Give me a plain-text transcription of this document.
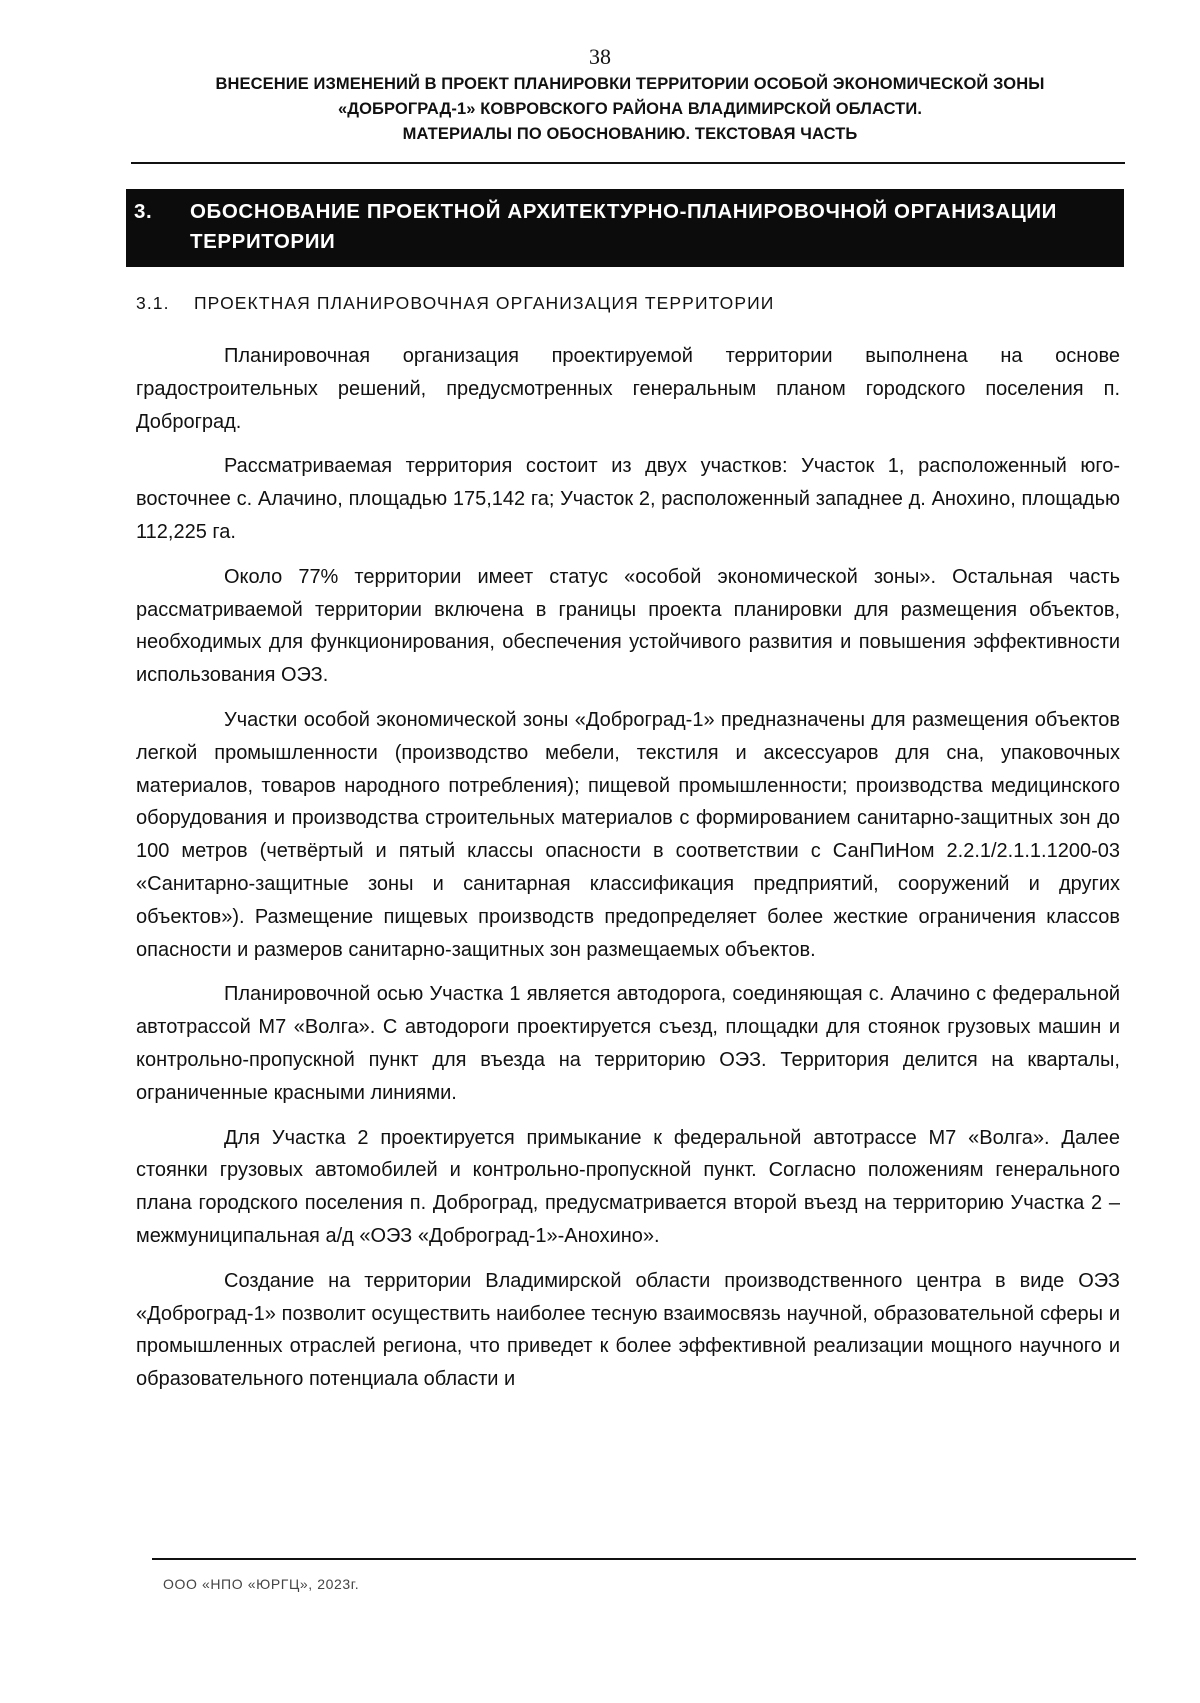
38
ВНЕСЕНИЕ ИЗМЕНЕНИЙ В ПРОЕКТ ПЛАНИРОВКИ ТЕРРИТОРИИ ОСОБОЙ ЭКОНОМИЧЕСКОЙ ЗОНЫ
«ДОБРОГРАД-1» КОВРОВСКОГО РАЙОНА ВЛАДИМИРСКОЙ ОБЛАСТИ.
МАТЕРИАЛЫ ПО ОБОСНОВАНИЮ. ТЕКСТОВАЯ ЧАСТЬ
3. ОБОСНОВАНИЕ ПРОЕКТНОЙ АРХИТЕКТУРНО-ПЛАНИРОВОЧНОЙ ОРГАНИЗАЦИИ ТЕРРИТОРИИ
3.1. ПРОЕКТНАЯ ПЛАНИРОВОЧНАЯ ОРГАНИЗАЦИЯ ТЕРРИТОРИИ

Планировочная организация проектируемой территории выполнена на основе градостроительных решений, предусмотренных генеральным планом городского поселения п. Доброград.

Рассматриваемая территория состоит из двух участков: Участок 1, расположенный юго-восточнее с. Алачино, площадью 175,142 га; Участок 2, расположенный западнее д. Анохино, площадью 112,225 га.

Около 77% территории имеет статус «особой экономической зоны». Остальная часть рассматриваемой территории включена в границы проекта планировки для размещения объектов, необходимых для функционирования, обеспечения устойчивого развития и повышения эффективности использования ОЭЗ.

Участки особой экономической зоны «Доброград-1» предназначены для размещения объектов легкой промышленности (производство мебели, текстиля и аксессуаров для сна, упаковочных материалов, товаров народного потребления); пищевой промышленности; производства медицинского оборудования и производства строительных материалов с формированием санитарно-защитных зон до 100 метров (четвёртый и пятый классы опасности в соответствии с СанПиНом 2.2.1/2.1.1.1200-03 «Санитарно-защитные зоны и санитарная классификация предприятий, сооружений и других объектов»). Размещение пищевых производств предопределяет более жесткие ограничения классов опасности и размеров санитарно-защитных зон размещаемых объектов.

Планировочной осью Участка 1 является автодорога, соединяющая с. Алачино с федеральной автотрассой М7 «Волга». С автодороги проектируется съезд, площадки для стоянок грузовых машин и контрольно-пропускной пункт для въезда на территорию ОЭЗ. Территория делится на кварталы, ограниченные красными линиями.

Для Участка 2 проектируется примыкание к федеральной автотрассе М7 «Волга». Далее стоянки грузовых автомобилей и контрольно-пропускной пункт. Согласно положениям генерального плана городского поселения п. Доброград, предусматривается второй въезд на территорию Участка 2 – межмуниципальная а/д «ОЭЗ «Доброград-1»-Анохино».

Создание на территории Владимирской области производственного центра в виде ОЭЗ «Доброград-1» позволит осуществить наиболее тесную взаимосвязь научной, образовательной сферы и промышленных отраслей региона, что приведет к более эффективной реализации мощного научного и образовательного потенциала области и

ООО «НПО «ЮРГЦ», 2023г.
